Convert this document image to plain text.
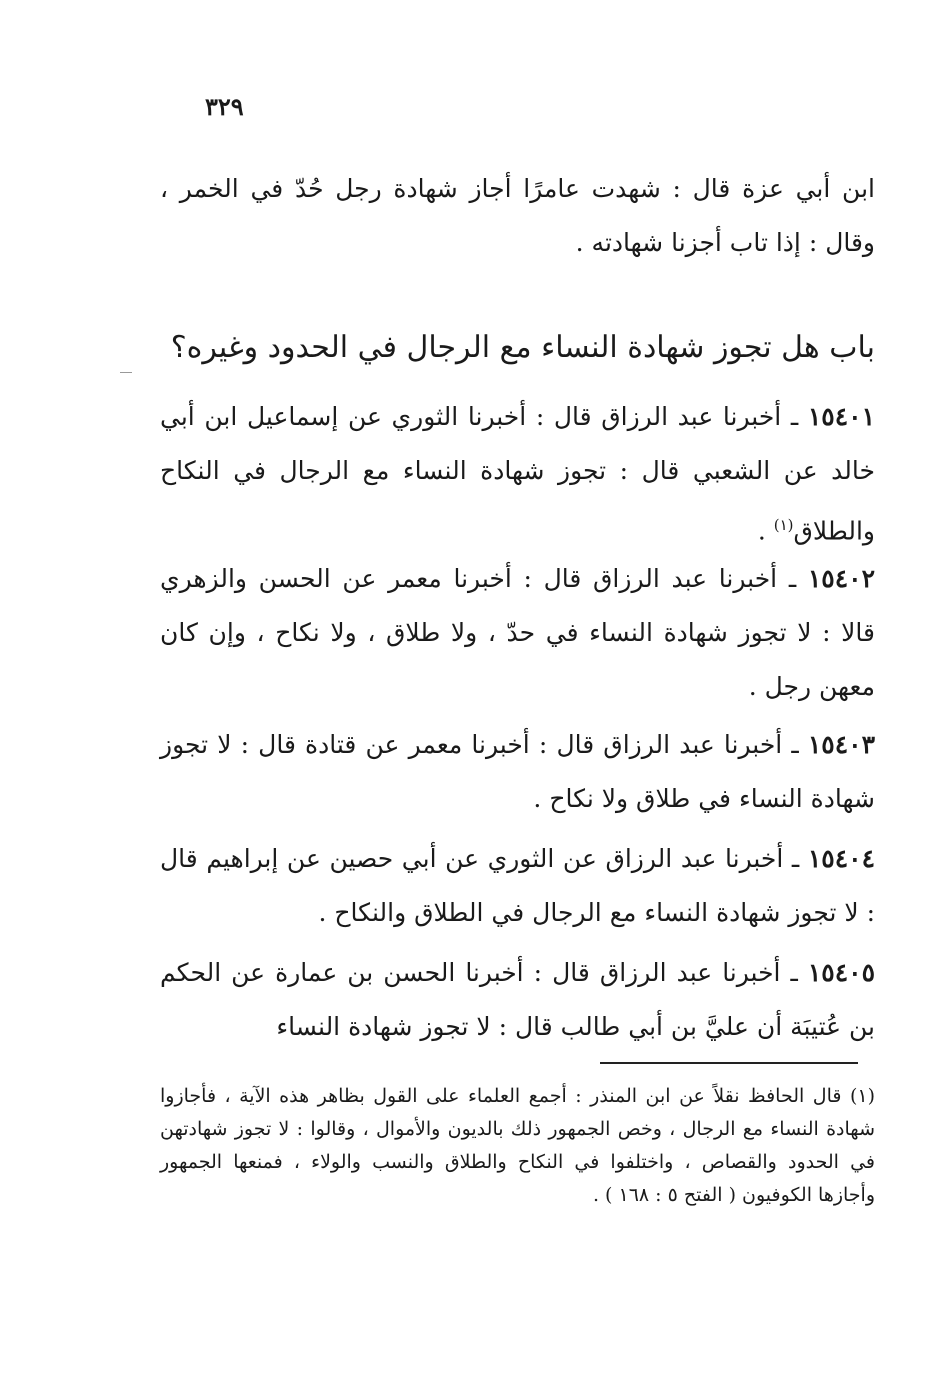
٣٢٩

ابن أبي عزة قال : شهدت عامرًا أجاز شهادة رجل حُدّ في الخمر ، وقال : إذا تاب أجزنا شهادته .

باب هل تجوز شهادة النساء مع الرجال في الحدود وغيره؟

١٥٤٠١ ـ أخبرنا عبد الرزاق قال : أخبرنا الثوري عن إسماعيل ابن أبي خالد عن الشعبي قال : تجوز شهادة النساء مع الرجال في النكاح والطلاق$^{(١)}$ .

١٥٤٠٢ ـ أخبرنا عبد الرزاق قال : أخبرنا معمر عن الحسن والزهري قالا : لا تجوز شهادة النساء في حدّ ، ولا طلاق ، ولا نكاح ، وإن كان معهن رجل .

١٥٤٠٣ ـ أخبرنا عبد الرزاق قال : أخبرنا معمر عن قتادة قال : لا تجوز شهادة النساء في طلاق ولا نكاح .

١٥٤٠٤ ـ أخبرنا عبد الرزاق عن الثوري عن أبي حصين عن إبراهيم قال : لا تجوز شهادة النساء مع الرجال في الطلاق والنكاح .

١٥٤٠٥ ـ أخبرنا عبد الرزاق قال : أخبرنا الحسن بن عمارة عن الحكم بن عُتيبَة أن عليَّ بن أبي طالب قال : لا تجوز شهادة النساء

(١) قال الحافظ نقلاً عن ابن المنذر : أجمع العلماء على القول بظاهر هذه الآية ، فأجازوا شهادة النساء مع الرجال ، وخص الجمهور ذلك بالديون والأموال ، وقالوا : لا تجوز شهادتهن في الحدود والقصاص ، واختلفوا في النكاح والطلاق والنسب والولاء ، فمنعها الجمهور وأجازها الكوفيون ( الفتح ٥ : ١٦٨ ) .
